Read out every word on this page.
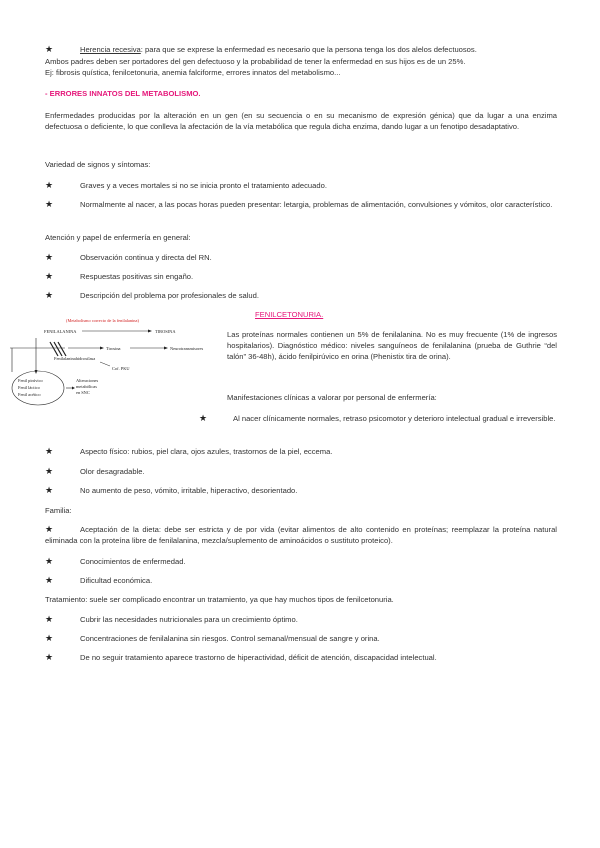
★	Herencia recesiva: para que se exprese la enfermedad es necesario que la persona tenga los dos alelos defectuosos.
Ambos padres deben ser portadores del gen defectuoso y la probabilidad de tener la enfermedad en sus hijos es de un 25%.
Ej: fibrosis quística, fenilcetonuria, anemia falciforme, errores innatos del metabolismo...
- ERRORES INNATOS DEL METABOLISMO.
Enfermedades producidas por la alteración en un gen (en su secuencia o en su mecanismo de expresión génica) que da lugar a una enzima defectuosa o deficiente, lo que conlleva la afectación de la vía metabólica que regula dicha enzima, dando lugar a un fenotipo desadaptativo.
Variedad de signos y síntomas:
★	Graves y a veces mortales si no se inicia pronto el tratamiento adecuado.
★	Normalmente al nacer, a las pocas horas pueden presentar: letargia, problemas de alimentación, convulsiones y vómitos, olor característico.
Atención y papel de enfermería en general:
★	Observación continua y directa del RN.
★	Respuestas positivas sin engaño.
★	Descripción del problema por profesionales de salud.
FENILCETONURIA.
(Metabolismo correcto de la fenilalanina)
FENILALANINA	TIROSINA
Tirosina	Neurotransmisores
Fenilalaninahidroxilasa
Cof. PKU
Fenil pirúvico
Fenil láctico
Fenil acético
Alteraciones
metabólicas
en SNC
Las proteínas normales contienen un 5% de fenilalanina. No es muy frecuente (1% de ingresos hospitalarios). Diagnóstico médico: niveles sanguíneos de fenilalanina (prueba de Guthrie “del talón” 36-48h), ácido fenilpirúvico en orina (Phenistix tira de orina).
Manifestaciones clínicas a valorar por personal de enfermería:
★	Al nacer clínicamente normales, retraso psicomotor y deterioro intelectual gradual e irreversible.
★	Aspecto físico: rubios, piel clara, ojos azules, trastornos de la piel, eccema.
★	Olor desagradable.
★	No aumento de peso, vómito, irritable, hiperactivo, desorientado.
Familia:
★	Aceptación de la dieta: debe ser estricta y de por vida (evitar alimentos de alto contenido en proteínas; reemplazar la proteína natural eliminada con la proteína libre de fenilalanina, mezcla/suplemento de aminoácidos o sustituto proteico).
★	Conocimientos de enfermedad.
★	Dificultad económica.
Tratamiento: suele ser complicado encontrar un tratamiento, ya que hay muchos tipos de fenilcetonuria.
★	Cubrir las necesidades nutricionales para un crecimiento óptimo.
★	Concentraciones de fenilalanina sin riesgos. Control semanal/mensual de sangre y orina.
★	De no seguir tratamiento aparece trastorno de hiperactividad, déficit de atención, discapacidad intelectual.
